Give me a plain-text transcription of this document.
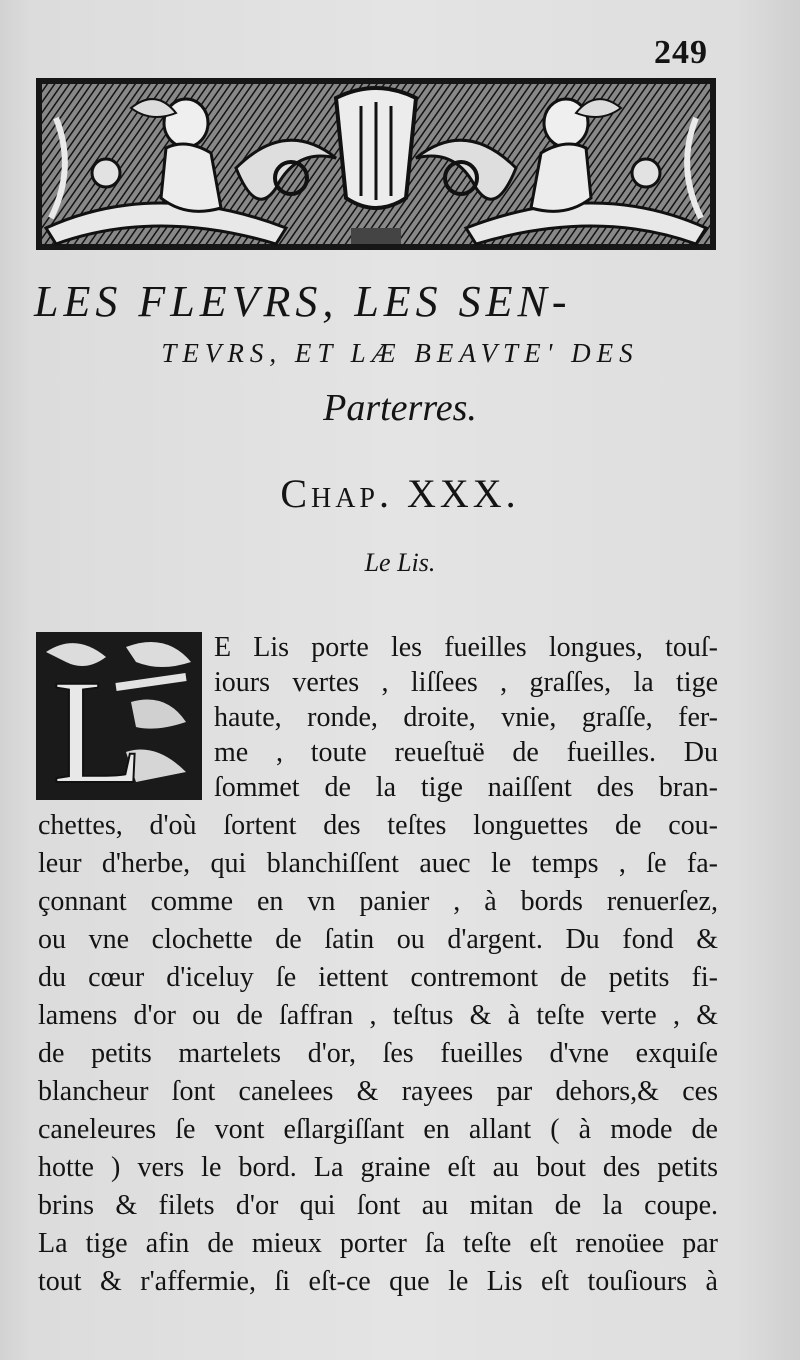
249
LES FLEVRS, LES SEN-
TEVRS, ET LÆ BEAVTE' DES
Parterres.
Chap. XXX.
Le Lis.
L
E Lis porte les fueilles longues, touſ-
iours vertes , liſſees , graſſes, la tige
haute, ronde, droite, vnie, graſſe, fer-
me , toute reueſtuë de fueilles. Du
ſommet de la tige naiſſent des bran-
chettes, d'où ſortent des teſtes longuettes de cou-
leur d'herbe, qui blanchiſſent auec le temps , ſe fa-
çonnant comme en vn panier , à bords renuerſez,
ou vne clochette de ſatin ou d'argent. Du fond &
du cœur d'iceluy ſe iettent contremont de petits fi-
lamens d'or ou de ſaffran , teſtus & à teſte verte , &
de petits martelets d'or, ſes fueilles d'vne exquiſe
blancheur ſont canelees & rayees par dehors,& ces
caneleures ſe vont eſlargiſſant en allant ( à mode de
hotte ) vers le bord. La graine eſt au bout des petits
brins & filets d'or qui ſont au mitan de la coupe.
La tige afin de mieux porter ſa teſte eſt renoüee par
tout & r'affermie, ſi eſt-ce que le Lis eſt touſiours à
